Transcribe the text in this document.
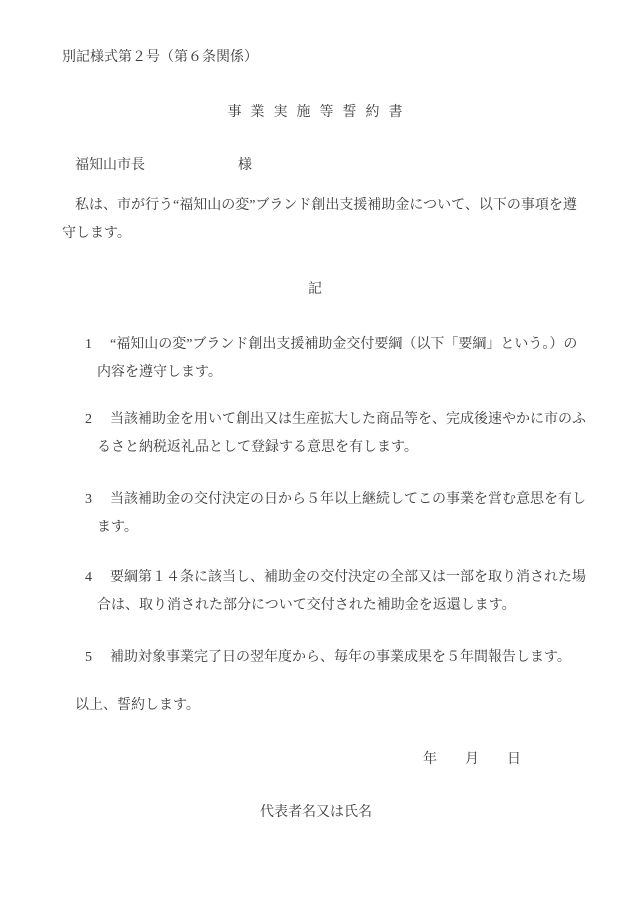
別記様式第２号（第６条関係）
事業実施等誓約書
福知山市長	様
私は、市が行う“福知山の変”ブランド創出支援補助金について、以下の事項を遵
守します。
記
1 “福知山の変”ブランド創出支援補助金交付要綱（以下「要綱」という。）の
内容を遵守します。
2 当該補助金を用いて創出又は生産拡大した商品等を、完成後速やかに市のふ
るさと納税返礼品として登録する意思を有します。
3 当該補助金の交付決定の日から５年以上継続してこの事業を営む意思を有し
ます。
4 要綱第１４条に該当し、補助金の交付決定の全部又は一部を取り消された場
合は、取り消された部分について交付された補助金を返還します。
5 補助対象事業完了日の翌年度から、毎年の事業成果を５年間報告します。
以上、誓約します。
年 月 日
代表者名又は氏名
